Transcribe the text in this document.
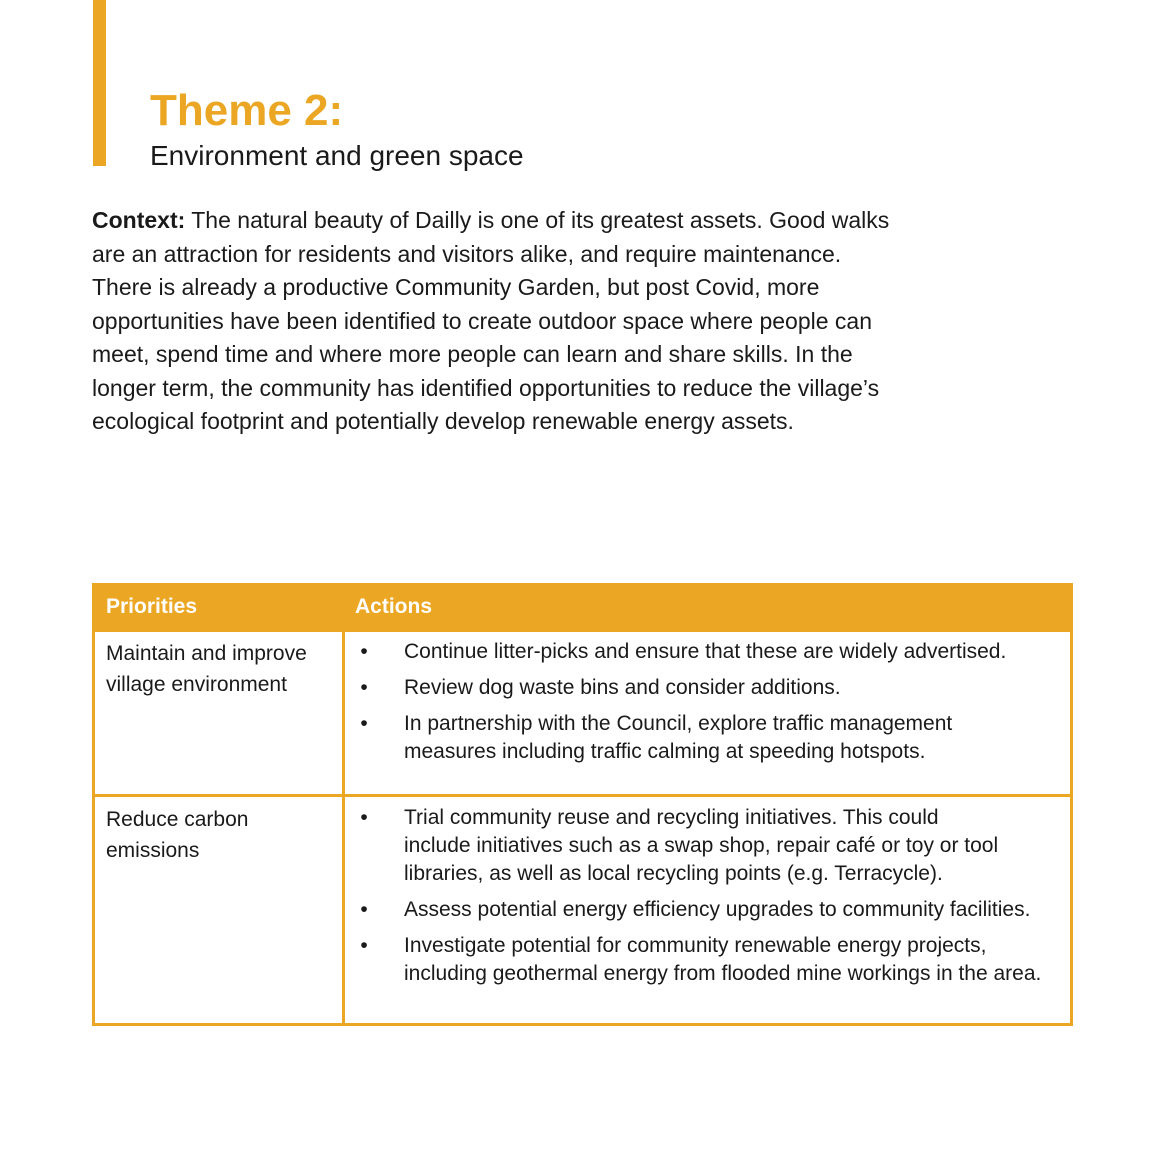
Theme 2:
Environment and green space
Context: The natural beauty of Dailly is one of its greatest assets. Good walks
are an attraction for residents and visitors alike, and require maintenance.
There is already a productive Community Garden, but post Covid, more
opportunities have been identified to create outdoor space where people can
meet, spend time and where more people can learn and share skills. In the
longer term, the community has identified opportunities to reduce the village’s
ecological footprint and potentially develop renewable energy assets.
Priorities	Actions
Maintain and improve
village environment
• Continue litter-picks and ensure that these are widely advertised.
• Review dog waste bins and consider additions.
• In partnership with the Council, explore traffic management
measures including traffic calming at speeding hotspots.
Reduce carbon
emissions
• Trial community reuse and recycling initiatives. This could
include initiatives such as a swap shop, repair café or toy or tool
libraries, as well as local recycling points (e.g. Terracycle).
• Assess potential energy efficiency upgrades to community facilities.
• Investigate potential for community renewable energy projects,
including geothermal energy from flooded mine workings in the area.
